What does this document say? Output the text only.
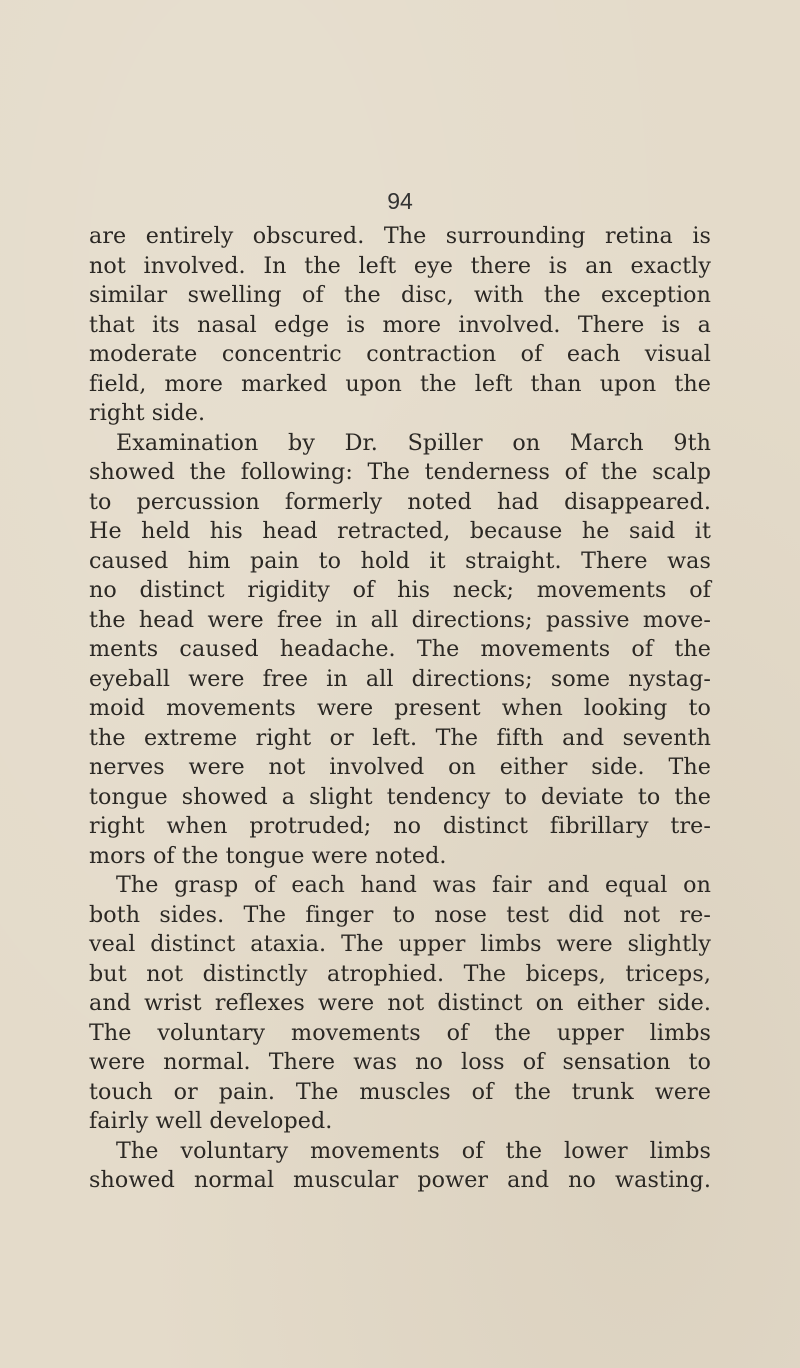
94
are entirely obscured. The surrounding retina is
not involved. In the left eye there is an exactly
similar swelling of the disc, with the exception
that its nasal edge is more involved. There is a
moderate concentric contraction of each visual
field, more marked upon the left than upon the
right side.
Examination by Dr. Spiller on March 9th
showed the following: The tenderness of the scalp
to percussion formerly noted had disappeared.
He held his head retracted, because he said it
caused him pain to hold it straight. There was
no distinct rigidity of his neck; movements of
the head were free in all directions; passive move-
ments caused headache. The movements of the
eyeball were free in all directions; some nystag-
moid movements were present when looking to
the extreme right or left. The fifth and seventh
nerves were not involved on either side. The
tongue showed a slight tendency to deviate to the
right when protruded; no distinct fibrillary tre-
mors of the tongue were noted.
The grasp of each hand was fair and equal on
both sides. The finger to nose test did not re-
veal distinct ataxia. The upper limbs were slightly
but not distinctly atrophied. The biceps, triceps,
and wrist reflexes were not distinct on either side.
The voluntary movements of the upper limbs
were normal. There was no loss of sensation to
touch or pain. The muscles of the trunk were
fairly well developed.
The voluntary movements of the lower limbs
showed normal muscular power and no wasting.
